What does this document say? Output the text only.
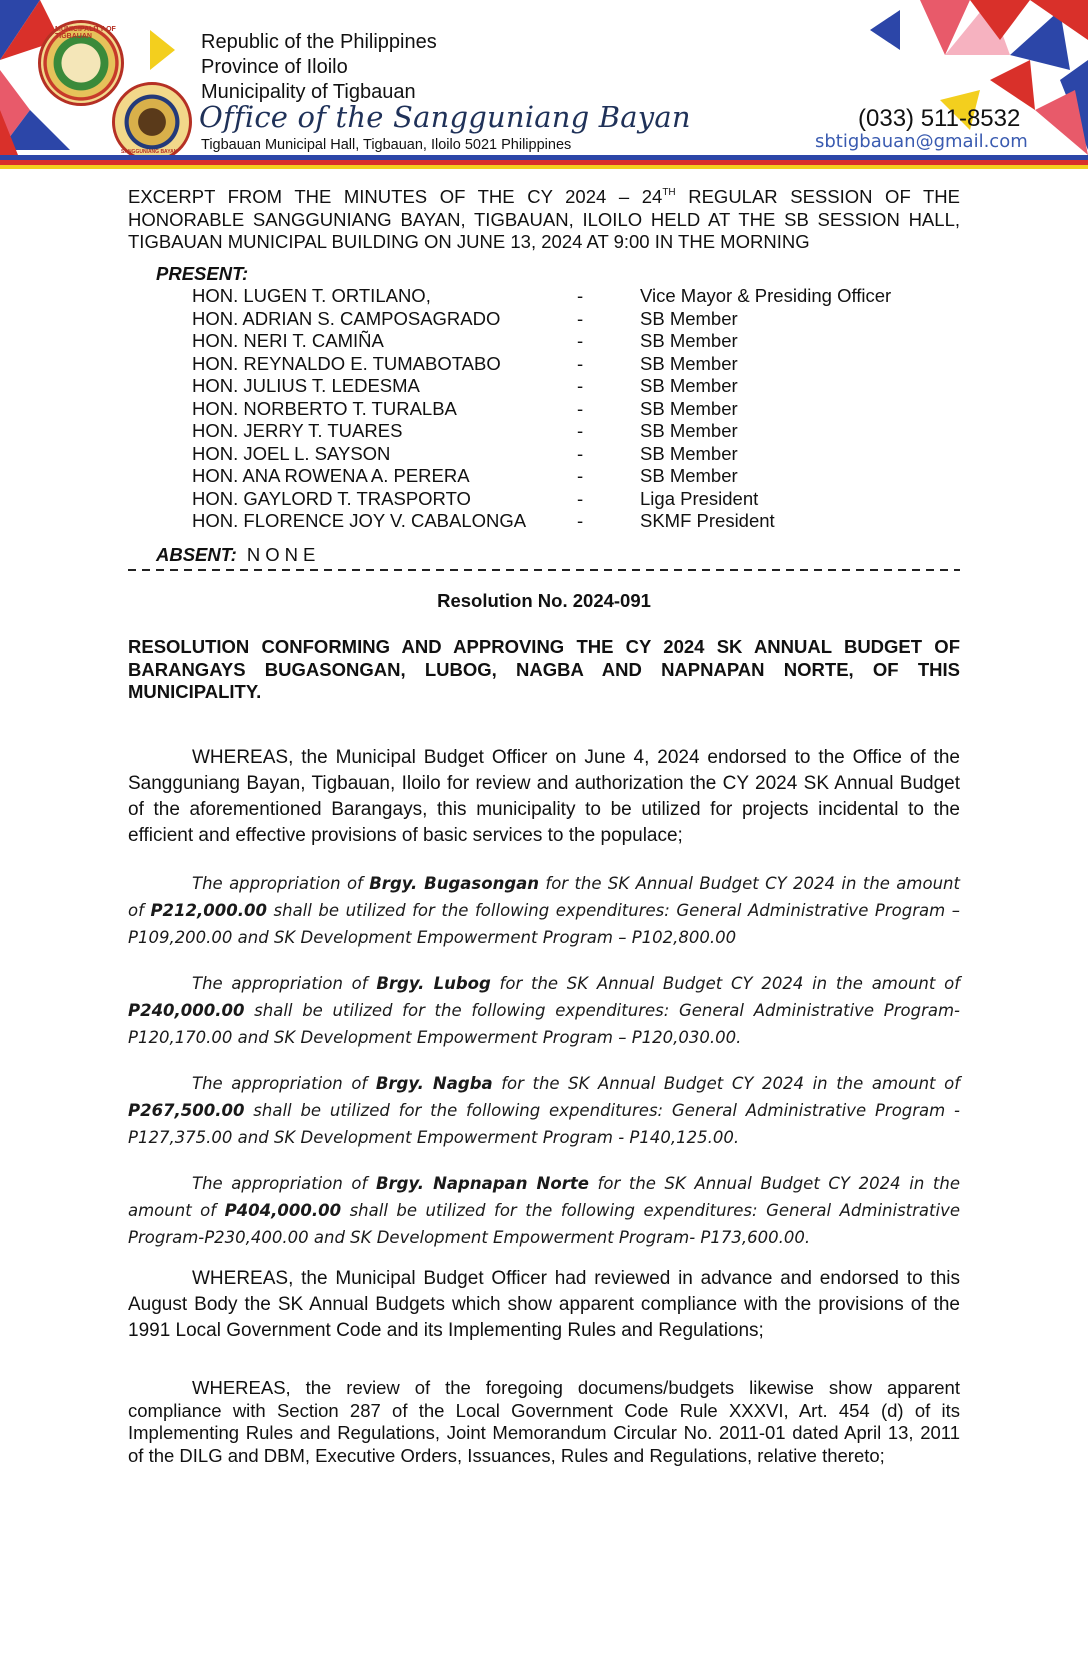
MUNICIPALITY OF TIGBAUAN
SANGGUNIANG BAYAN
Republic of the Philippines
Province of Iloilo
Municipality of Tigbauan
Office of the Sangguniang Bayan
Tigbauan Municipal Hall, Tigbauan, Iloilo 5021 Philippines
(033) 511-8532
sbtigbauan@gmail.com
EXCERPT FROM THE MINUTES OF THE CY 2024 – 24TH REGULAR SESSION OF THE HONORABLE SANGGUNIANG BAYAN, TIGBAUAN, ILOILO HELD AT THE SB SESSION HALL, TIGBAUAN MUNICIPAL BUILDING ON JUNE 13, 2024 AT 9:00 IN THE MORNING
PRESENT:
HON. LUGEN T. ORTILANO,	-	Vice Mayor & Presiding Officer
HON. ADRIAN S. CAMPOSAGRADO	-	SB Member
HON. NERI T. CAMIÑA	-	SB Member
HON. REYNALDO E. TUMABOTABO	-	SB Member
HON. JULIUS T. LEDESMA	-	SB Member
HON. NORBERTO T. TURALBA	-	SB Member
HON. JERRY T. TUARES	-	SB Member
HON. JOEL L. SAYSON	-	SB Member
HON. ANA ROWENA A. PERERA	-	SB Member
HON. GAYLORD T. TRASPORTO	-	Liga President
HON. FLORENCE JOY V. CABALONGA	-	SKMF President
ABSENT: NONE
Resolution No. 2024-091
RESOLUTION CONFORMING AND APPROVING THE CY 2024 SK ANNUAL BUDGET OF BARANGAYS BUGASONGAN, LUBOG, NAGBA AND NAPNAPAN NORTE, OF THIS MUNICIPALITY.
WHEREAS, the Municipal Budget Officer on June 4, 2024 endorsed to the Office of the Sangguniang Bayan, Tigbauan, Iloilo for review and authorization the CY 2024 SK Annual Budget of the aforementioned Barangays, this municipality to be utilized for projects incidental to the efficient and effective provisions of basic services to the populace;
The appropriation of Brgy. Bugasongan for the SK Annual Budget CY 2024 in the amount of P212,000.00 shall be utilized for the following expenditures: General Administrative Program – P109,200.00 and SK Development Empowerment Program – P102,800.00
The appropriation of Brgy. Lubog for the SK Annual Budget CY 2024 in the amount of P240,000.00 shall be utilized for the following expenditures: General Administrative Program-P120,170.00 and SK Development Empowerment Program – P120,030.00.
The appropriation of Brgy. Nagba for the SK Annual Budget CY 2024 in the amount of P267,500.00 shall be utilized for the following expenditures: General Administrative Program - P127,375.00 and SK Development Empowerment Program - P140,125.00.
The appropriation of Brgy. Napnapan Norte for the SK Annual Budget CY 2024 in the amount of P404,000.00 shall be utilized for the following expenditures: General Administrative Program-P230,400.00 and SK Development Empowerment Program- P173,600.00.
WHEREAS, the Municipal Budget Officer had reviewed in advance and endorsed to this August Body the SK Annual Budgets which show apparent compliance with the provisions of the 1991 Local Government Code and its Implementing Rules and Regulations;
WHEREAS, the review of the foregoing documens/budgets likewise show apparent compliance with Section 287 of the Local Government Code Rule XXXVI, Art. 454 (d) of its Implementing Rules and Regulations, Joint Memorandum Circular No. 2011-01 dated April 13, 2011 of the DILG and DBM, Executive Orders, Issuances, Rules and Regulations, relative thereto;
